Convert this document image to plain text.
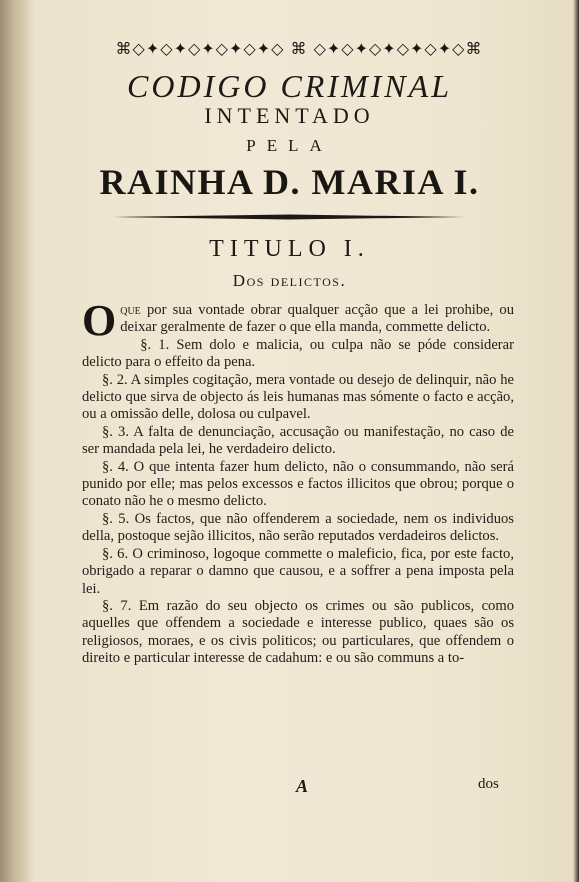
⌘◇✦◇✦◇✦◇✦◇✦◇ ⌘ ◇✦◇✦◇✦◇✦◇✦◇⌘
CODIGO CRIMINAL
INTENTADO
PELA
RAINHA D. MARIA I.
TITULO I.
Dos delictos.

Oque por sua vontade obrar qualquer acção que a lei prohibe, ou deixar geralmente de fazer o que ella manda, commette delicto.

§. 1. Sem dolo e malicia, ou culpa não se póde considerar delicto para o effeito da pena.

§. 2. A simples cogitação, mera vontade ou desejo de delinquir, não he delicto que sirva de objecto ás leis humanas mas sómente o facto e acção, ou a omissão delle, dolosa ou culpavel.

§. 3. A falta de denunciação, accusação ou manifestação, no caso de ser mandada pela lei, he verdadeiro delicto.

§. 4. O que intenta fazer hum delicto, não o consummando, não será punido por elle; mas pelos excessos e factos illicitos que obrou; porque o conato não he o mesmo delicto.

§. 5. Os factos, que não offenderem a sociedade, nem os individuos della, postoque sejão illicitos, não serão reputados verdadeiros delictos.

§. 6. O criminoso, logoque commette o maleficio, fica, por este facto, obrigado a reparar o damno que causou, e a soffrer a pena imposta pela lei.

§. 7. Em razão do seu objecto os crimes ou são publicos, como aquelles que offendem a sociedade e interesse publico, quaes são os religiosos, moraes, e os civis politicos; ou particulares, que offendem o direito e particular interesse de cadahum: e ou são communs a to-

A	dos
